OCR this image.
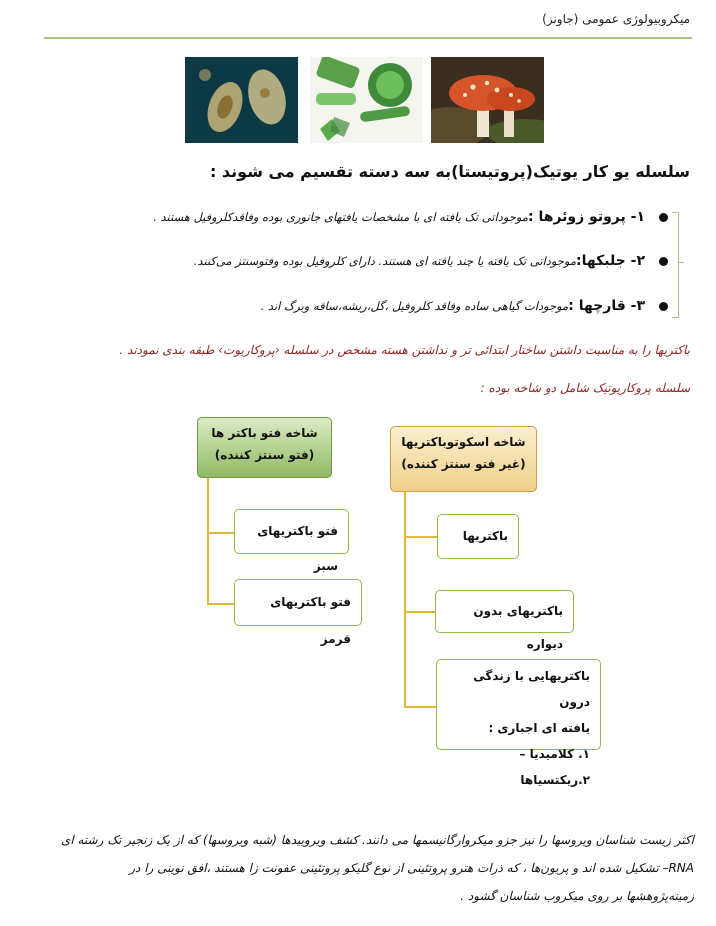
میکروبیولوژی عمومی (جاونز)
سلسله یو کار یوتیک(پروتیستا)به سه دسته تقسیم می شوند :
۱- پروتو زوئرها :
موجوداتی تک یافته ای با مشخصات یافتهای جانوری بوده وفاقدکلروفیل هستند .
۲- جلبکها:
موجوداتی تک یافته یا چند یافته ای هستند. دارای کلروفیل بوده وفتوسنتز می‌کنند.
۳- قارچها :
موجودات گیاهی ساده وفاقد کلروفیل ،گل،ریشه،ساقه وبرگ اند .
باکتریها را به مناسبت داشتن ساختار ابتدائی تر و نداشتن هسته مشخص در سلسله ‹پروکاریوت› طبقه بندی نمودند .
سلسله پروکاریوتیک شامل دو شاخه بوده :
شاخه فتو باکتر ها
(فتو سنتز کننده)
شاخه اسکوتوباکتریها
(غیر فتو سنتز کننده)
فتو باکتریهای سبز
فتو باکتریهای قرمز
باکتریها
باکتریهای بدون دیواره
باکتریهایی با زندگی درون
یافته ای اجباری :
۱. کلامیدیا – ۲.ریکتسیاها
اکثر زیست شناسان ویروسها را نیز جزو میکروارگانیسمها می دانند. کشف ویروییدها (شبه ویروسها) که از یک زنجیر تک رشته ای
RNA– تشکیل شده اند و پریون‌ها ، که ذرات هترو پروتئینی از نوع گلیکو پروتئینی عفونت زا هستند ،افق نوینی را در
زمینه‌پژوهشها بر روی میکروب شناسان گشود .
